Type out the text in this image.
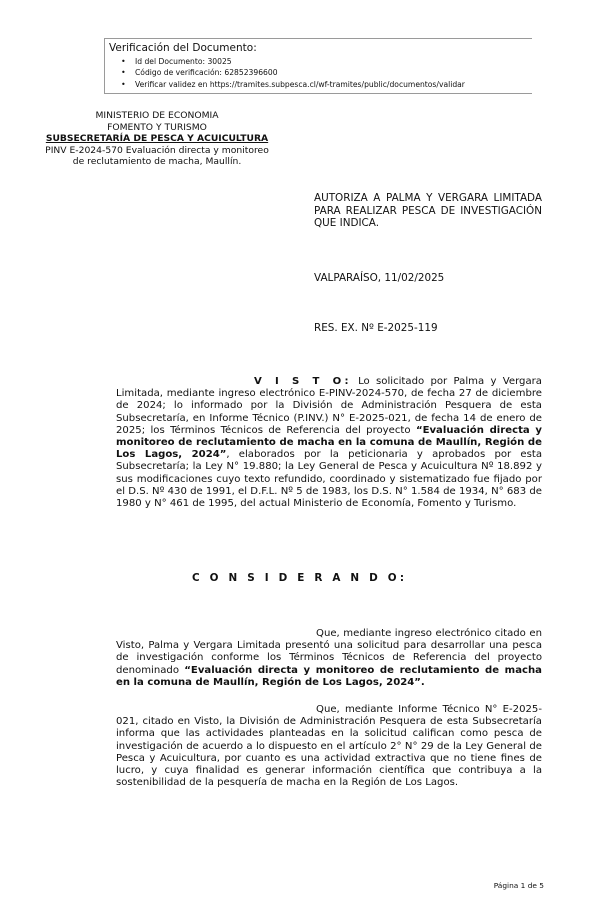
Verificación del Documento:
• Id del Documento: 30025
• Código de verificación: 62852396600
• Verificar validez en https://tramites.subpesca.cl/wf-tramites/public/documentos/validar
MINISTERIO DE ECONOMIA
FOMENTO Y TURISMO
SUBSECRETARÍA DE PESCA Y ACUICULTURA
PINV E-2024-570 Evaluación directa y monitoreo
de reclutamiento de macha, Maullín.
AUTORIZA A PALMA Y VERGARA LIMITADA PARA REALIZAR PESCA DE INVESTIGACIÓN QUE INDICA.
VALPARAÍSO, 11/02/2025
RES. EX. Nº E-2025-119
V I S T O: Lo solicitado por Palma y Vergara Limitada, mediante ingreso electrónico E-PINV-2024-570, de fecha 27 de diciembre de 2024; lo informado por la División de Administración Pesquera de esta Subsecretaría, en Informe Técnico (P.INV.) N° E-2025-021, de fecha 14 de enero de 2025; los Términos Técnicos de Referencia del proyecto “Evaluación directa y monitoreo de reclutamiento de macha en la comuna de Maullín, Región de Los Lagos, 2024”, elaborados por la peticionaria y aprobados por esta Subsecretaría; la Ley N° 19.880; la Ley General de Pesca y Acuicultura Nº 18.892 y sus modificaciones cuyo texto refundido, coordinado y sistematizado fue fijado por el D.S. Nº 430 de 1991, el D.F.L. Nº 5 de 1983, los D.S. N° 1.584 de 1934, N° 683 de 1980 y N° 461 de 1995, del actual Ministerio de Economía, Fomento y Turismo.
C O N S I D E R A N D O:
Que, mediante ingreso electrónico citado en Visto, Palma y Vergara Limitada presentó una solicitud para desarrollar una pesca de investigación conforme los Términos Técnicos de Referencia del proyecto denominado “Evaluación directa y monitoreo de reclutamiento de macha en la comuna de Maullín, Región de Los Lagos, 2024”.
Que, mediante Informe Técnico N° E-2025-021, citado en Visto, la División de Administración Pesquera de esta Subsecretaría informa que las actividades planteadas en la solicitud califican como pesca de investigación de acuerdo a lo dispuesto en el artículo 2° N° 29 de la Ley General de Pesca y Acuicultura, por cuanto es una actividad extractiva que no tiene fines de lucro, y cuya finalidad es generar información científica que contribuya a la sostenibilidad de la pesquería de macha en la Región de Los Lagos.
Página 1 de 5
